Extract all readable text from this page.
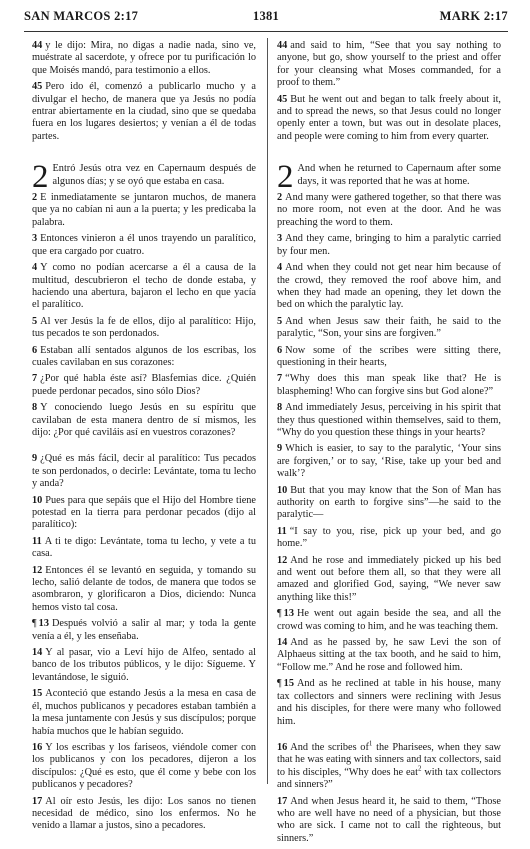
SAN MARCOS 2:17	1381	MARK 2:17

44 y le dijo: Mira, no digas a nadie nada, sino ve, muéstrate al sacerdote, y ofrece por tu purificación lo que Moisés mandó, para testimonio a ellos.

45 Pero ido él, comenzó a publicarlo mucho y a divulgar el hecho, de manera que ya Jesús no podía entrar abiertamente en la ciudad, sino que se quedaba fuera en los lugares desiertos; y venían a él de todas partes.

2 Entró Jesús otra vez en Capernaum después de algunos días; y se oyó que estaba en casa.

2 E inmediatamente se juntaron muchos, de manera que ya no cabían ni aun a la puerta; y les predicaba la palabra.

3 Entonces vinieron a él unos trayendo un paralítico, que era cargado por cuatro.

4 Y como no podían acercarse a él a causa de la multitud, descubrieron el techo de donde estaba, y haciendo una abertura, bajaron el lecho en que yacía el paralítico.

5 Al ver Jesús la fe de ellos, dijo al paralítico: Hijo, tus pecados te son perdonados.

6 Estaban allí sentados algunos de los escribas, los cuales cavilaban en sus corazones:

7 ¿Por qué habla éste así? Blasfemias dice. ¿Quién puede perdonar pecados, sino sólo Dios?

8 Y conociendo luego Jesús en su espíritu que cavilaban de esta manera dentro de sí mismos, les dijo: ¿Por qué caviláis así en vuestros corazones?

9 ¿Qué es más fácil, decir al paralítico: Tus pecados te son perdonados, o decirle: Levántate, toma tu lecho y anda?

10 Pues para que sepáis que el Hijo del Hombre tiene potestad en la tierra para perdonar pecados (dijo al paralítico):

11 A ti te digo: Levántate, toma tu lecho, y vete a tu casa.

12 Entonces él se levantó en seguida, y tomando su lecho, salió delante de todos, de manera que todos se asombraron, y glorificaron a Dios, diciendo: Nunca hemos visto tal cosa.

¶ 13 Después volvió a salir al mar; y toda la gente venía a él, y les enseñaba.

14 Y al pasar, vio a Leví hijo de Alfeo, sentado al banco de los tributos públicos, y le dijo: Sígueme. Y levantándose, le siguió.

15 Aconteció que estando Jesús a la mesa en casa de él, muchos publicanos y pecadores estaban también a la mesa juntamente con Jesús y sus discípulos; porque había muchos que le habían seguido.

16 Y los escribas y los fariseos, viéndole comer con los publicanos y con los pecadores, dijeron a los discípulos: ¿Qué es esto, que él come y bebe con los publicanos y pecadores?

17 Al oír esto Jesús, les dijo: Los sanos no tienen necesidad de médico, sino los enfermos. No he venido a llamar a justos, sino a pecadores.

44 and said to him, “See that you say nothing to anyone, but go, show yourself to the priest and offer for your cleansing what Moses commanded, for a proof to them.”

45 But he went out and began to talk freely about it, and to spread the news, so that Jesus could no longer openly enter a town, but was out in desolate places, and people were coming to him from every quarter.

2 And when he returned to Capernaum after some days, it was reported that he was at home.

2 And many were gathered together, so that there was no more room, not even at the door. And he was preaching the word to them.

3 And they came, bringing to him a paralytic carried by four men.

4 And when they could not get near him because of the crowd, they removed the roof above him, and when they had made an opening, they let down the bed on which the paralytic lay.

5 And when Jesus saw their faith, he said to the paralytic, “Son, your sins are forgiven.”

6 Now some of the scribes were sitting there, questioning in their hearts,

7 “Why does this man speak like that? He is blaspheming! Who can forgive sins but God alone?”

8 And immediately Jesus, perceiving in his spirit that they thus questioned within themselves, said to them, “Why do you question these things in your hearts?

9 Which is easier, to say to the paralytic, ‘Your sins are forgiven,’ or to say, ‘Rise, take up your bed and walk’?

10 But that you may know that the Son of Man has authority on earth to forgive sins”—he said to the paralytic—

11 “I say to you, rise, pick up your bed, and go home.”

12 And he rose and immediately picked up his bed and went out before them all, so that they were all amazed and glorified God, saying, “We never saw anything like this!”

¶ 13 He went out again beside the sea, and all the crowd was coming to him, and he was teaching them.

14 And as he passed by, he saw Levi the son of Alphaeus sitting at the tax booth, and he said to him, “Follow me.” And he rose and followed him.

¶ 15 And as he reclined at table in his house, many tax collectors and sinners were reclining with Jesus and his disciples, for there were many who followed him.

16 And the scribes $of^1$ the Pharisees, when they saw that he was eating with sinners and tax collectors, said to his disciples, “Why does he eat$^2$ with tax collectors and sinners?”

17 And when Jesus heard it, he said to them, “Those who are well have no need of a physician, but those who are sick. I came not to call the righteous, but sinners.”
